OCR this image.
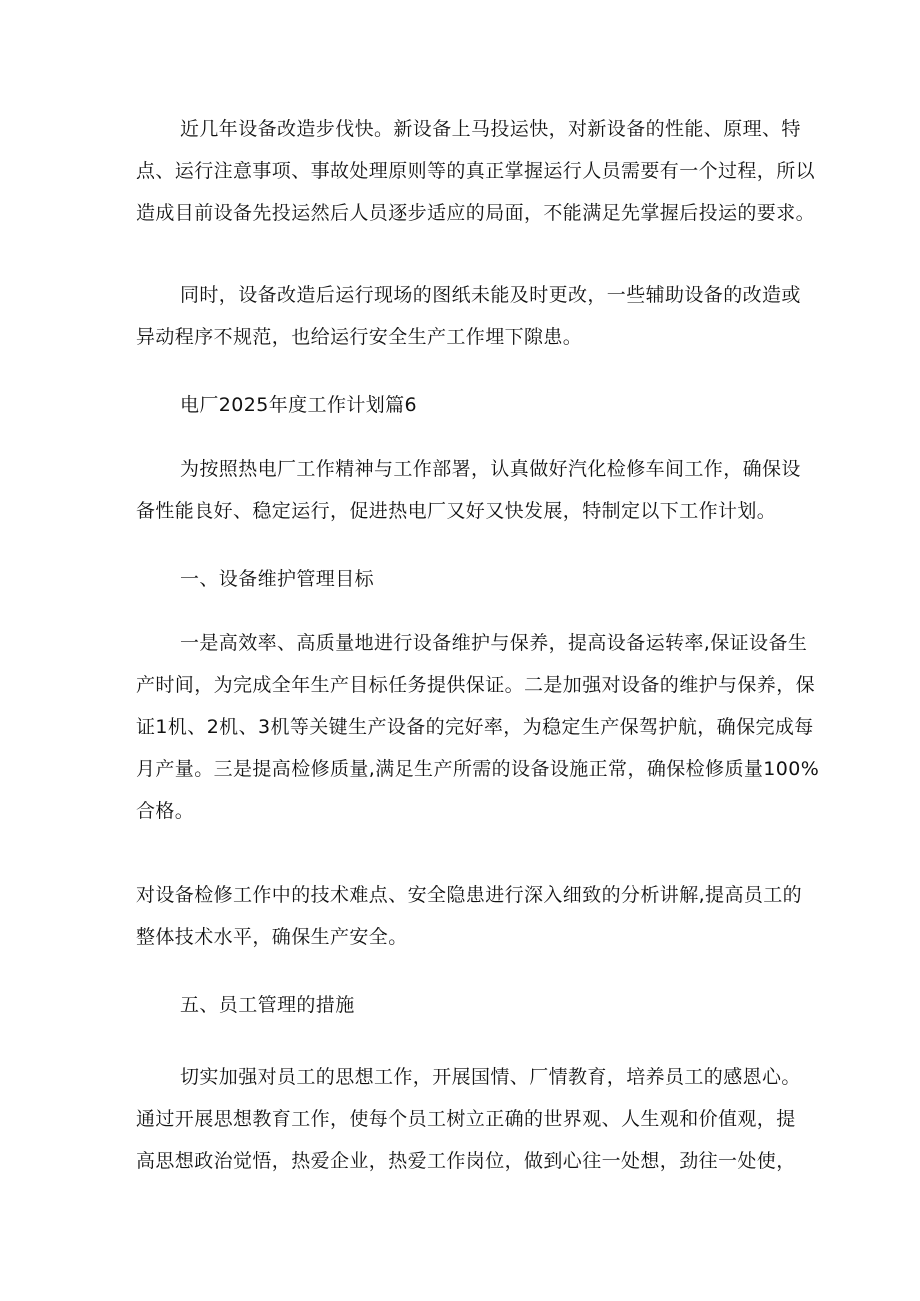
近几年设备改造步伐快。新设备上马投运快，对新设备的性能、原理、特
点、运行注意事项、事故处理原则等的真正掌握运行人员需要有一个过程，所以
造成目前设备先投运然后人员逐步适应的局面，不能满足先掌握后投运的要求。
同时，设备改造后运行现场的图纸未能及时更改，一些辅助设备的改造或
异动程序不规范，也给运行安全生产工作埋下隙患。
电厂2025年度工作计划篇6
为按照热电厂工作精神与工作部署，认真做好汽化检修车间工作，确保设
备性能良好、稳定运行，促进热电厂又好又快发展，特制定以下工作计划。
一、设备维护管理目标
一是高效率、高质量地进行设备维护与保养，提高设备运转率,保证设备生
产时间，为完成全年生产目标任务提供保证。二是加强对设备的维护与保养，保
证1机、2机、3机等关键生产设备的完好率，为稳定生产保驾护航，确保完成每
月产量。三是提高检修质量,满足生产所需的设备设施正常，确保检修质量100%
合格。
对设备检修工作中的技术难点、安全隐患进行深入细致的分析讲解,提高员工的
整体技术水平，确保生产安全。
五、员工管理的措施
切实加强对员工的思想工作，开展国情、厂情教育，培养员工的感恩心。
通过开展思想教育工作，使每个员工树立正确的世界观、人生观和价值观，提
高思想政治觉悟，热爱企业，热爱工作岗位，做到心往一处想，劲往一处使，
